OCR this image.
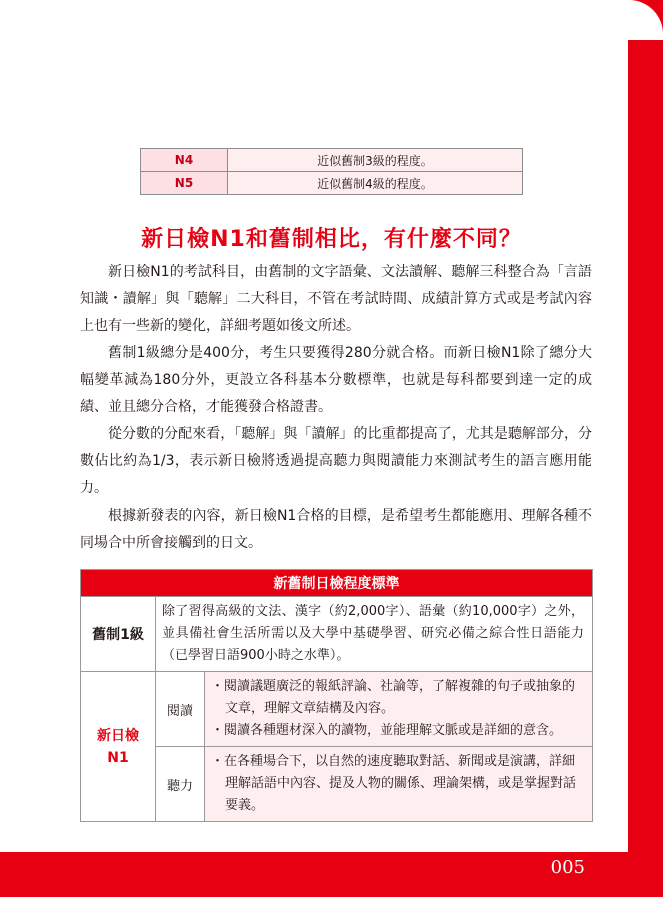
005
N4	近似舊制3級的程度。
N5	近似舊制4級的程度。
新日檢N1和舊制相比，有什麼不同？

新日檢N1的考試科目，由舊制的文字語彙、文法讀解、聽解三科整合為「言語知識・讀解」與「聽解」二大科目，不管在考試時間、成績計算方式或是考試內容上也有一些新的變化，詳細考題如後文所述。

舊制1級總分是400分，考生只要獲得280分就合格。而新日檢N1除了總分大幅變革減為180分外，更設立各科基本分數標準，也就是每科都要到達一定的成績、並且總分合格，才能獲發合格證書。

從分數的分配來看，「聽解」與「讀解」的比重都提高了，尤其是聽解部分，分數佔比約為1/3，表示新日檢將透過提高聽力與閱讀能力來測試考生的語言應用能力。

根據新發表的內容，新日檢N1合格的目標，是希望考生都能應用、理解各種不同場合中所會接觸到的日文。

新舊制日檢程度標準		
舊制1級	除了習得高級的文法、漢字（約2,000字）、語彙（約10,000字）之外，並具備社會生活所需以及大學中基礎學習、研究必備之綜合性日語能力（已學習日語900小時之水準）。	
新日檢
N1	閱讀	・閱讀議題廣泛的報紙評論、社論等，了解複雜的句子或抽象的文章，理解文章結構及內容。
・閱讀各種題材深入的讀物，並能理解文脈或是詳細的意含。

	聽力	・在各種場合下，以自然的速度聽取對話、新聞或是演講，詳細理解話語中內容、提及人物的關係、理論架構，或是掌握對話要義。
